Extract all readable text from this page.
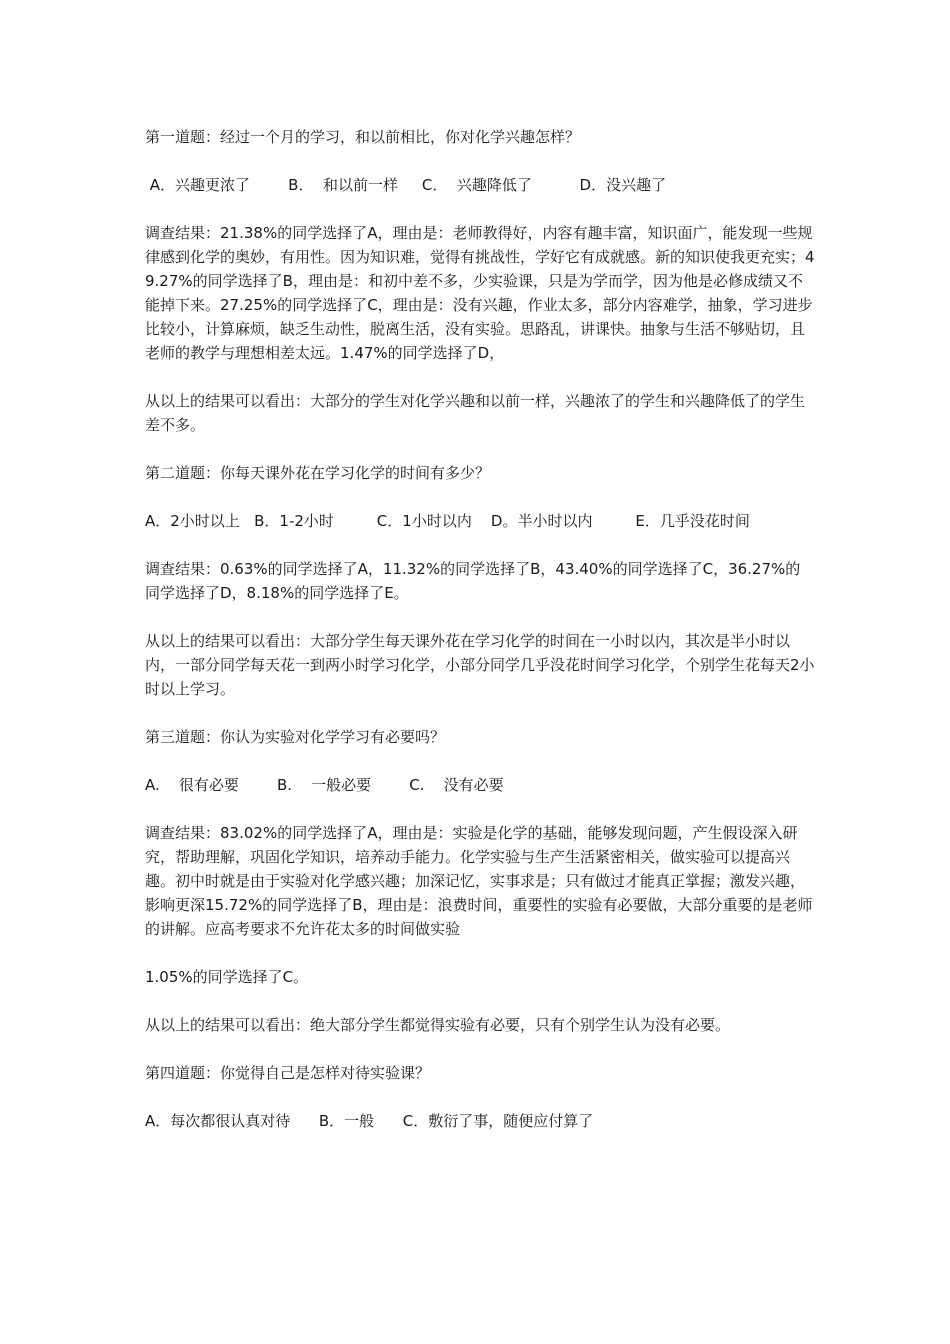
第一道题：经过一个月的学习，和以前相比，你对化学兴趣怎样？

A．兴趣更浓了        B．  和以前一样     C．  兴趣降低了          D．没兴趣了

调查结果：21.38%的同学选择了A，理由是：老师教得好，内容有趣丰富，知识面广，能发现一些规律感到化学的奥妙，有用性。因为知识难，觉得有挑战性，学好它有成就感。新的知识使我更充实；49.27%的同学选择了B，理由是：和初中差不多，少实验课，只是为学而学，因为他是必修成绩又不能掉下来。27.25%的同学选择了C，理由是：没有兴趣，作业太多，部分内容难学，抽象，学习进步比较小，计算麻烦，缺乏生动性，脱离生活，没有实验。思路乱，讲课快。抽象与生活不够贴切，且老师的教学与理想相差太远。1.47%的同学选择了D，

从以上的结果可以看出：大部分的学生对化学兴趣和以前一样，兴趣浓了的学生和兴趣降低了的学生差不多。

第二道题：你每天课外花在学习化学的时间有多少？

A．2小时以上   B．1-2小时         C．1小时以内    D。半小时以内         E．几乎没花时间

调查结果：0.63%的同学选择了A，11.32%的同学选择了B，43.40%的同学选择了C，36.27%的同学选择了D，8.18%的同学选择了E。

从以上的结果可以看出：大部分学生每天课外花在学习化学的时间在一小时以内，其次是半小时以内，一部分同学每天花一到两小时学习化学，小部分同学几乎没花时间学习化学，个别学生花每天2小时以上学习。

第三道题：你认为实验对化学学习有必要吗？

A.    很有必要        B.    一般必要        C.    没有必要

调查结果：83.02%的同学选择了A，理由是：实验是化学的基础，能够发现问题，产生假设深入研究，帮助理解，巩固化学知识，培养动手能力。化学实验与生产生活紧密相关，做实验可以提高兴趣。初中时就是由于实验对化学感兴趣；加深记忆，实事求是；只有做过才能真正掌握；激发兴趣，影响更深15.72%的同学选择了B，理由是：浪费时间，重要性的实验有必要做，大部分重要的是老师的讲解。应高考要求不允许花太多的时间做实验

1.05%的同学选择了C。

从以上的结果可以看出：绝大部分学生都觉得实验有必要，只有个别学生认为没有必要。

第四道题：你觉得自己是怎样对待实验课？

A．每次都很认真对待      B．一般      C．敷衍了事，随便应付算了
